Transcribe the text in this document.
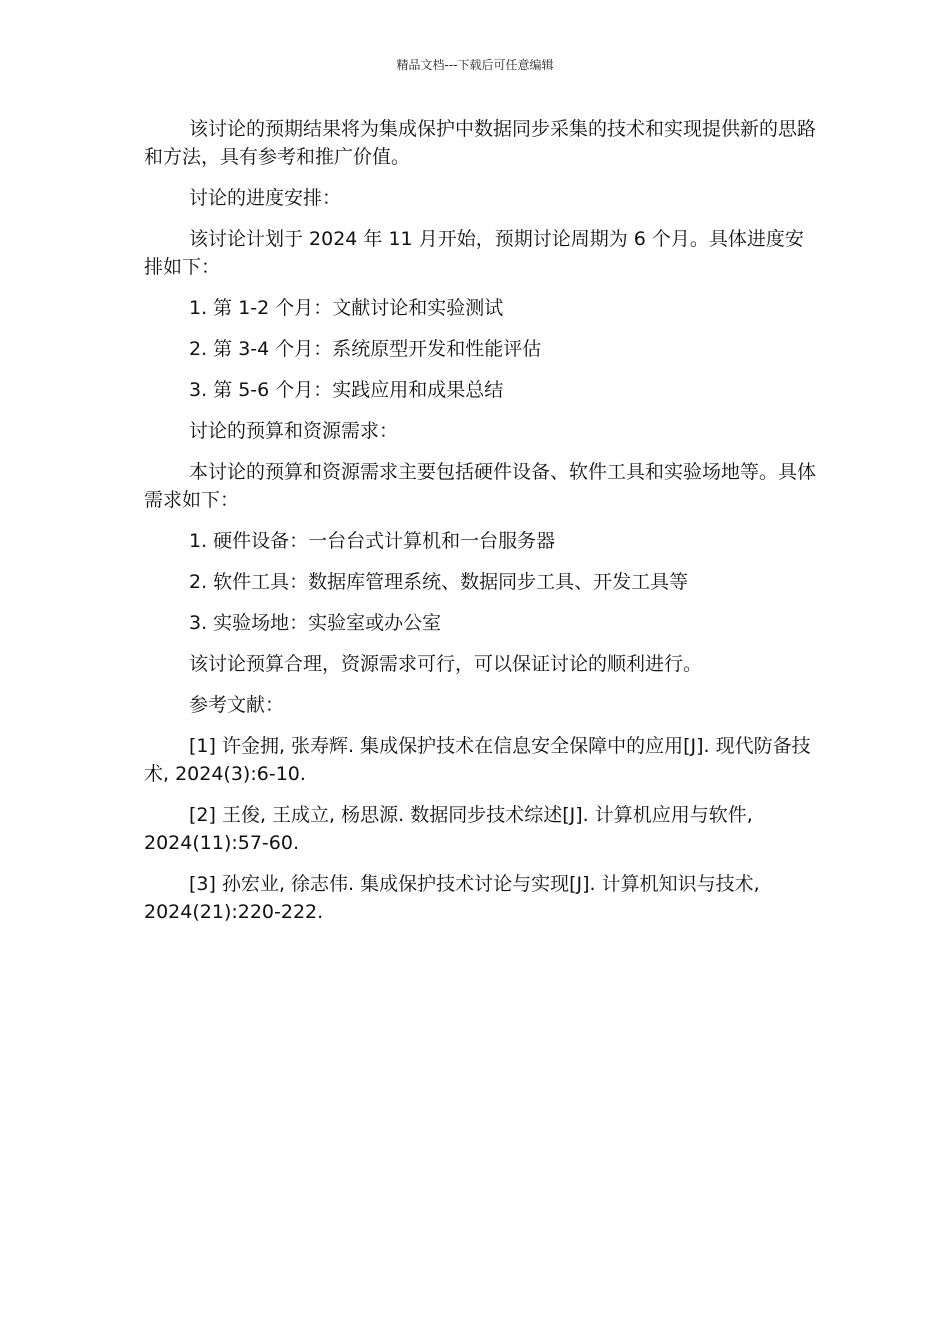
精品文档---下载后可任意编辑

该讨论的预期结果将为集成保护中数据同步采集的技术和实现提供新的思路和方法，具有参考和推广价值。

讨论的进度安排：

该讨论计划于 2024 年 11 月开始，预期讨论周期为 6 个月。具体进度安排如下：

1. 第 1-2 个月：文献讨论和实验测试

2. 第 3-4 个月：系统原型开发和性能评估

3. 第 5-6 个月：实践应用和成果总结

讨论的预算和资源需求：

本讨论的预算和资源需求主要包括硬件设备、软件工具和实验场地等。具体需求如下：

1. 硬件设备：一台台式计算机和一台服务器

2. 软件工具：数据库管理系统、数据同步工具、开发工具等

3. 实验场地：实验室或办公室

该讨论预算合理，资源需求可行，可以保证讨论的顺利进行。

参考文献：

[1] 许金拥, 张寿辉. 集成保护技术在信息安全保障中的应用[J]. 现代防备技术, 2024(3):6-10.

[2] 王俊, 王成立, 杨思源. 数据同步技术综述[J]. 计算机应用与软件, 2024(11):57-60.

[3] 孙宏业, 徐志伟. 集成保护技术讨论与实现[J]. 计算机知识与技术, 2024(21):220-222.
